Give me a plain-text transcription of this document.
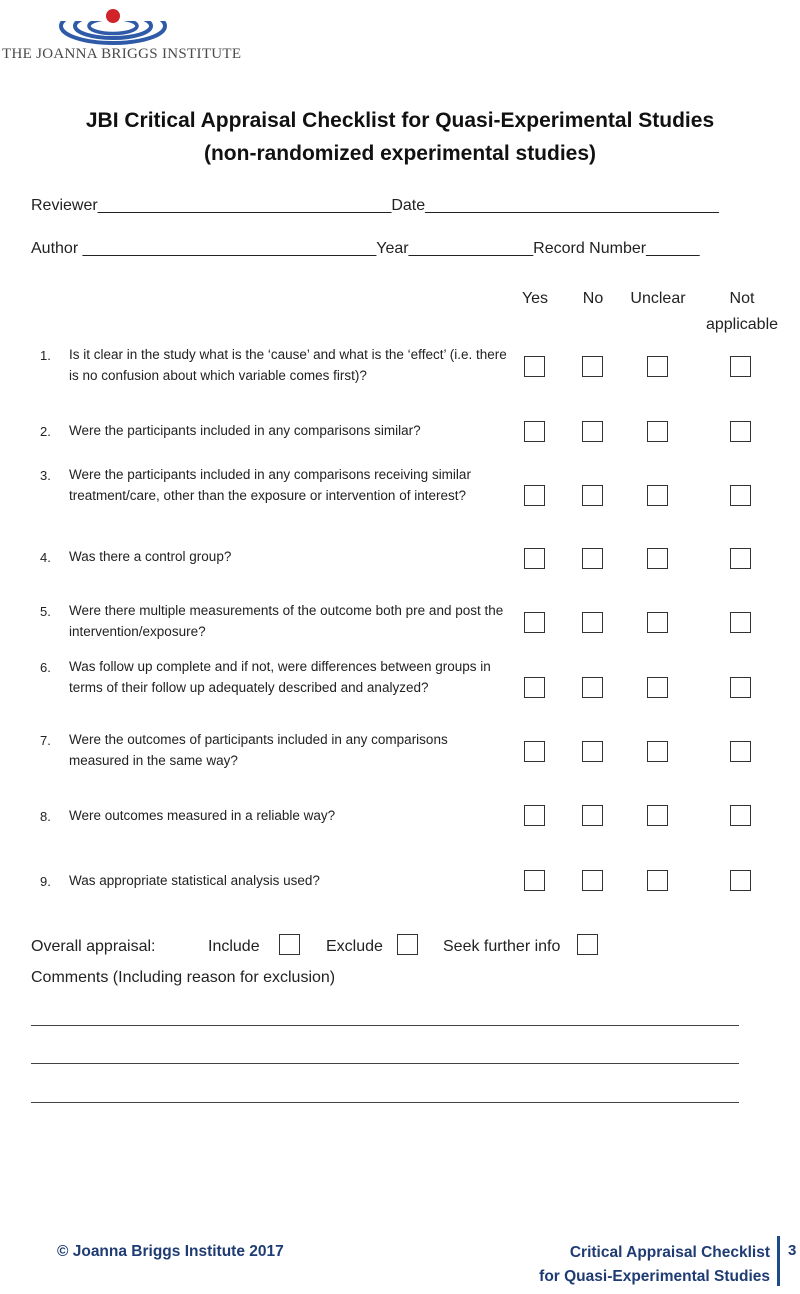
THE JOANNA BRIGGS INSTITUTE
JBI Critical Appraisal Checklist for Quasi-Experimental Studies
(non-randomized experimental studies)
Reviewer_________________________________Date_________________________________
Author _________________________________Year______________Record Number______
Yes	No	Unclear	Not
applicable
1. Is it clear in the study what is the ‘cause’ and what is the ‘effect’ (i.e. there is no confusion about which variable comes first)?
2. Were the participants included in any comparisons similar?
3. Were the participants included in any comparisons receiving similar treatment/care, other than the exposure or intervention of interest?
4. Was there a control group?
5. Were there multiple measurements of the outcome both pre and post the intervention/exposure?
6. Was follow up complete and if not, were differences between groups in terms of their follow up adequately described and analyzed?
7. Were the outcomes of participants included in any comparisons measured in the same way?
8. Were outcomes measured in a reliable way?
9. Was appropriate statistical analysis used?
Overall appraisal:	Include	Exclude	Seek further info
Comments (Including reason for exclusion)
© Joanna Briggs Institute 2017	Critical Appraisal Checklist
for Quasi-Experimental Studies
3
